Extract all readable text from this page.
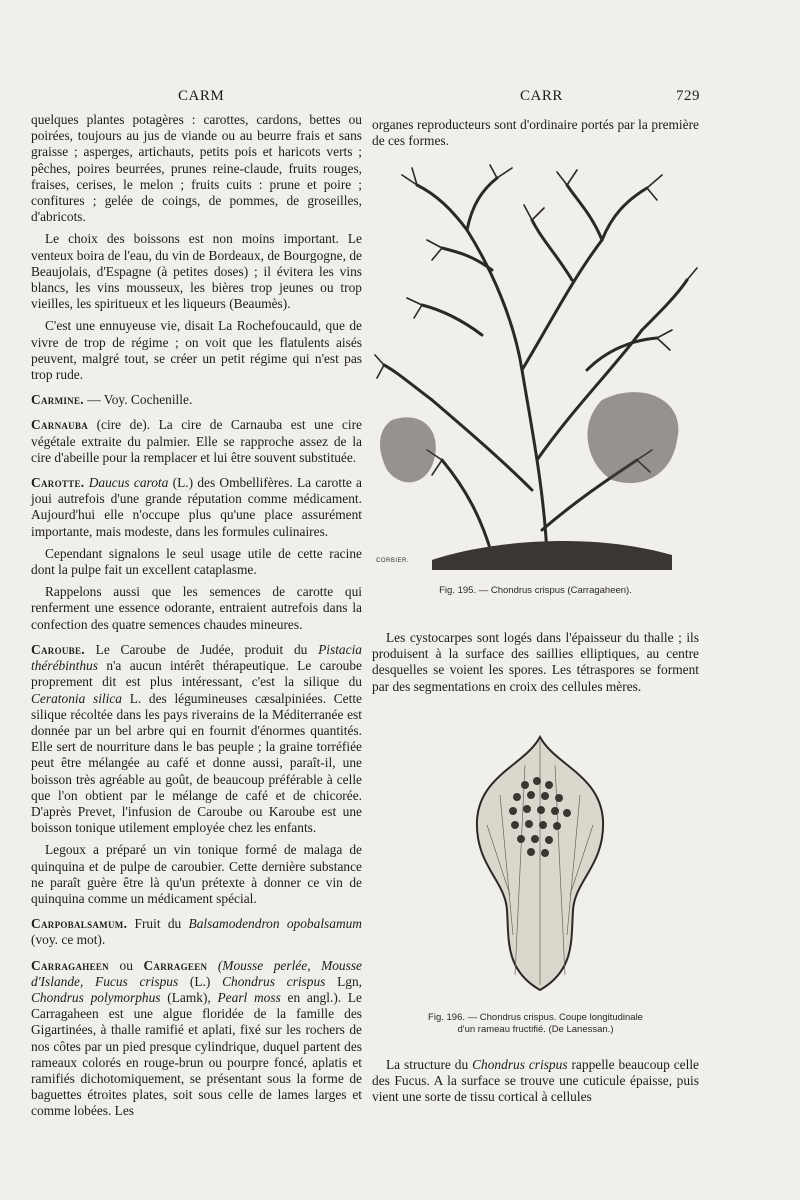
CARM	CARR	729

quelques plantes potagères : carottes, cardons, bettes ou poirées, toujours au jus de viande ou au beurre frais et sans graisse ; asperges, artichauts, petits pois et haricots verts ; pêches, poires beurrées, prunes reine-claude, fruits rouges, fraises, cerises, le melon ; fruits cuits : prune et poire ; confitures ; gelée de coings, de pommes, de groseilles, d'abricots.

Le choix des boissons est non moins important. Le venteux boira de l'eau, du vin de Bordeaux, de Bourgogne, de Beaujolais, d'Espagne (à petites doses) ; il évitera les vins blancs, les vins mousseux, les bières trop jeunes ou trop vieilles, les spiritueux et les liqueurs (Beaumès).

C'est une ennuyeuse vie, disait La Rochefoucauld, que de vivre de trop de régime ; on voit que les flatulents aisés peuvent, malgré tout, se créer un petit régime qui n'est pas trop rude.

Carmine. — Voy. Cochenille.

Carnauba (cire de). La cire de Carnauba est une cire végétale extraite du palmier. Elle se rapproche assez de la cire d'abeille pour la remplacer et lui être souvent substituée.

Carotte. Daucus carota (L.) des Ombellifères. La carotte a joui autrefois d'une grande réputation comme médicament. Aujourd'hui elle n'occupe plus qu'une place assurément importante, mais modeste, dans les formules culinaires.

Cependant signalons le seul usage utile de cette racine dont la pulpe fait un excellent cataplasme.

Rappelons aussi que les semences de carotte qui renferment une essence odorante, entraient autrefois dans la confection des quatre semences chaudes mineures.

Caroube. Le Caroube de Judée, produit du Pistacia thérébinthus n'a aucun intérêt thérapeutique. Le caroube proprement dit est plus intéressant, c'est la silique du Ceratonia silica L. des légumineuses cæsalpiniées. Cette silique récoltée dans les pays riverains de la Méditerranée est donnée par un bel arbre qui en fournit d'énormes quantités. Elle sert de nourriture dans le bas peuple ; la graine torréfiée peut être mélangée au café et donne aussi, paraît-il, une boisson très agréable au goût, de beaucoup préférable à celle que l'on obtient par le mélange de café et de chicorée. D'après Prevet, l'infusion de Caroube ou Karoube est une boisson tonique utilement employée chez les enfants.

Legoux a préparé un vin tonique formé de malaga de quinquina et de pulpe de caroubier. Cette dernière substance ne paraît guère être là qu'un prétexte à donner ce vin de quinquina comme un médicament spécial.

Carpobalsamum. Fruit du Balsamodendron opobalsamum (voy. ce mot).

Carragaheen ou Carrageen (Mousse perlée, Mousse d'Islande, Fucus crispus (L.) Chondrus crispus Lgn, Chondrus polymorphus (Lamk), Pearl moss en angl.). Le Carragaheen est une algue floridée de la famille des Gigartinées, à thalle ramifié et aplati, fixé sur les rochers de nos côtes par un pied presque cylindrique, duquel partent des rameaux colorés en rouge-brun ou pourpre foncé, aplatis et ramifiés dichotomiquement, se présentant sous la forme de baguettes étroites plates, soit sous celle de lames larges et comme lobées. Les

organes reproducteurs sont d'ordinaire portés par la première de ces formes.

CORBIER.
Fig. 195. — Chondrus crispus (Carragaheen).

Les cystocarpes sont logés dans l'épaisseur du thalle ; ils produisent à la surface des saillies elliptiques, au centre desquelles se voient les spores. Les tétraspores se forment par des segmentations en croix des cellules mères.

Fig. 196. — Chondrus crispus. Coupe longitudinale
d'un rameau fructifié. (De Lanessan.)

La structure du Chondrus crispus rappelle beaucoup celle des Fucus. A la surface se trouve une cuticule épaisse, puis vient une sorte de tissu cortical à cellules
